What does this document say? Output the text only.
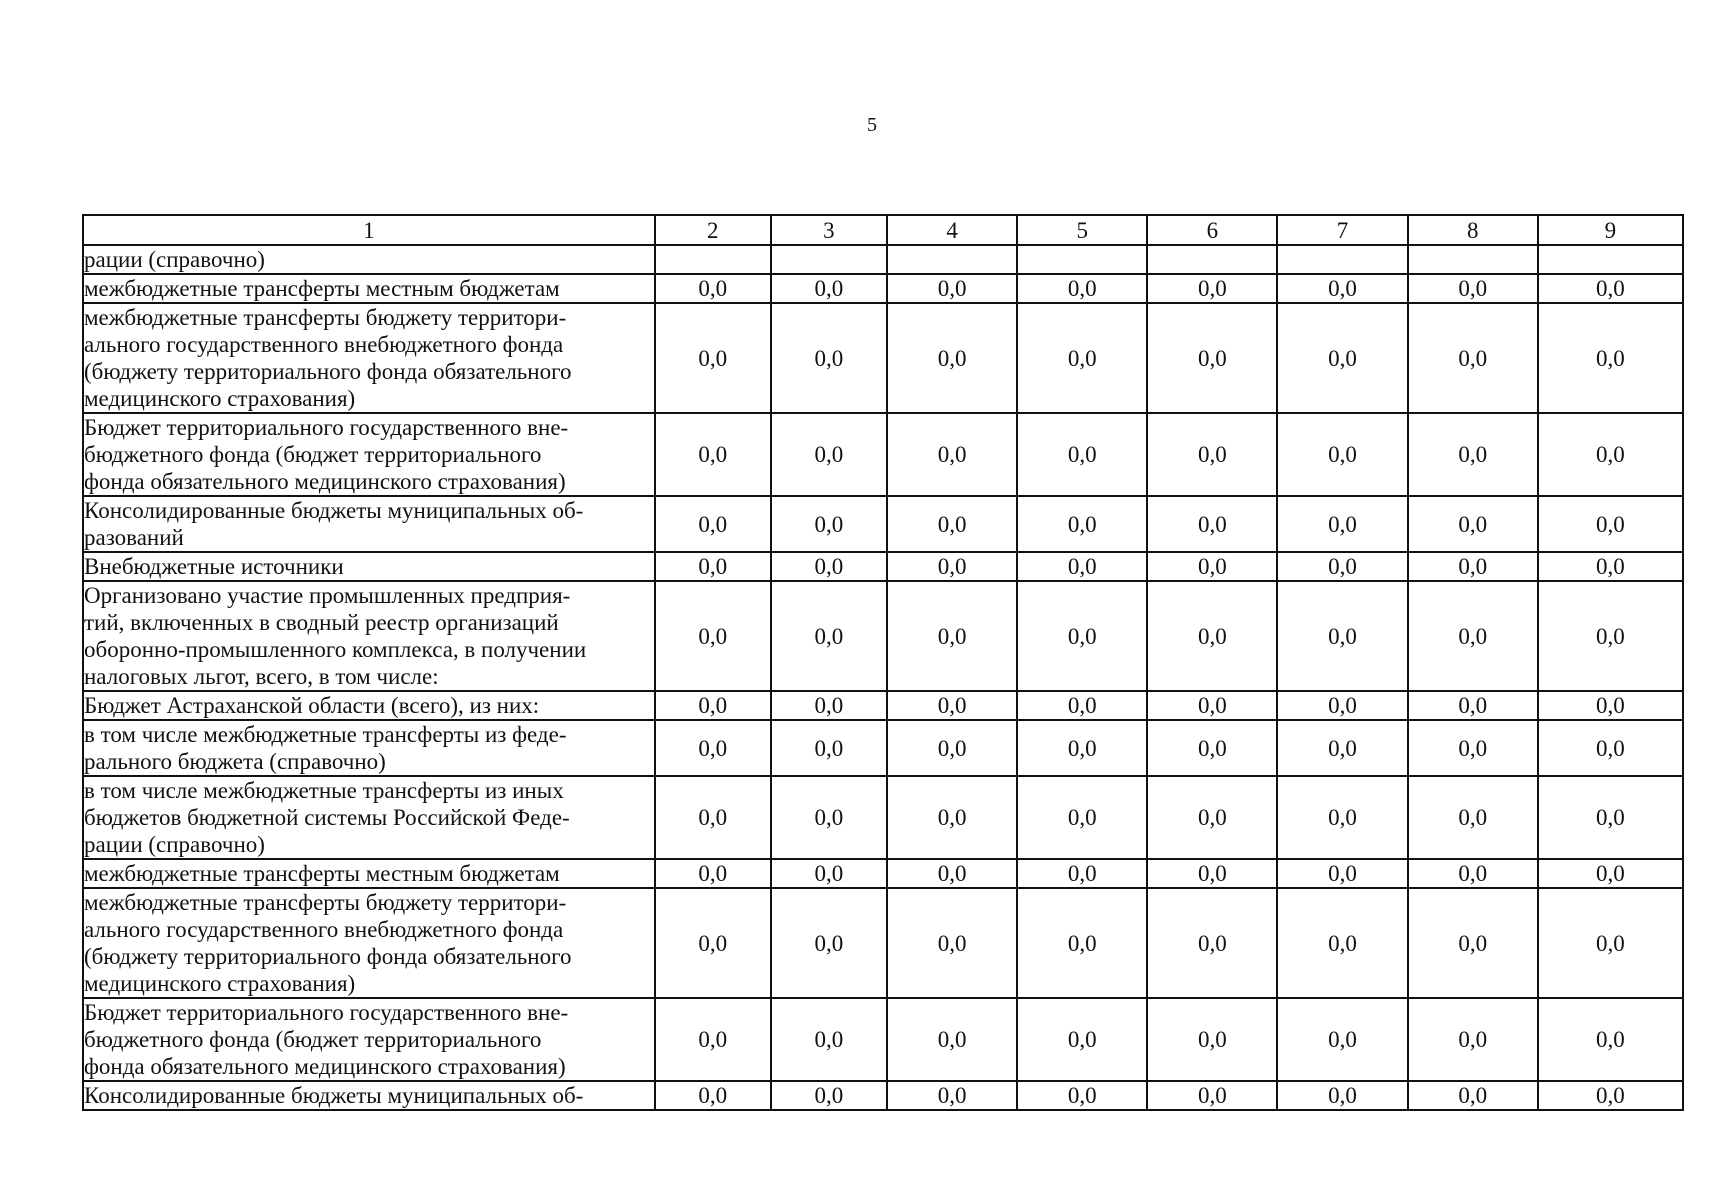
5
1	2	3	4	5	6	7	8	9
рации (справочно)								
межбюджетные трансферты местным бюджетам	0,0	0,0	0,0	0,0	0,0	0,0	0,0	0,0
межбюджетные трансферты бюджету территори-
ального государственного внебюджетного фонда
(бюджету территориального фонда обязательного
медицинского страхования)	0,0	0,0	0,0	0,0	0,0	0,0	0,0	0,0
Бюджет территориального государственного вне-
бюджетного фонда (бюджет территориального
фонда обязательного медицинского страхования)	0,0	0,0	0,0	0,0	0,0	0,0	0,0	0,0
Консолидированные бюджеты муниципальных об-
разований	0,0	0,0	0,0	0,0	0,0	0,0	0,0	0,0
Внебюджетные источники	0,0	0,0	0,0	0,0	0,0	0,0	0,0	0,0
Организовано участие промышленных предприя-
тий, включенных в сводный реестр организаций
оборонно-промышленного комплекса, в получении
налоговых льгот, всего, в том числе:	0,0	0,0	0,0	0,0	0,0	0,0	0,0	0,0
Бюджет Астраханской области (всего), из них:	0,0	0,0	0,0	0,0	0,0	0,0	0,0	0,0
в том числе межбюджетные трансферты из феде-
рального бюджета (справочно)	0,0	0,0	0,0	0,0	0,0	0,0	0,0	0,0
в том числе межбюджетные трансферты из иных
бюджетов бюджетной системы Российской Феде-
рации (справочно)	0,0	0,0	0,0	0,0	0,0	0,0	0,0	0,0
межбюджетные трансферты местным бюджетам	0,0	0,0	0,0	0,0	0,0	0,0	0,0	0,0
межбюджетные трансферты бюджету территори-
ального государственного внебюджетного фонда
(бюджету территориального фонда обязательного
медицинского страхования)	0,0	0,0	0,0	0,0	0,0	0,0	0,0	0,0
Бюджет территориального государственного вне-
бюджетного фонда (бюджет территориального
фонда обязательного медицинского страхования)	0,0	0,0	0,0	0,0	0,0	0,0	0,0	0,0
Консолидированные бюджеты муниципальных об-	0,0	0,0	0,0	0,0	0,0	0,0	0,0	0,0
